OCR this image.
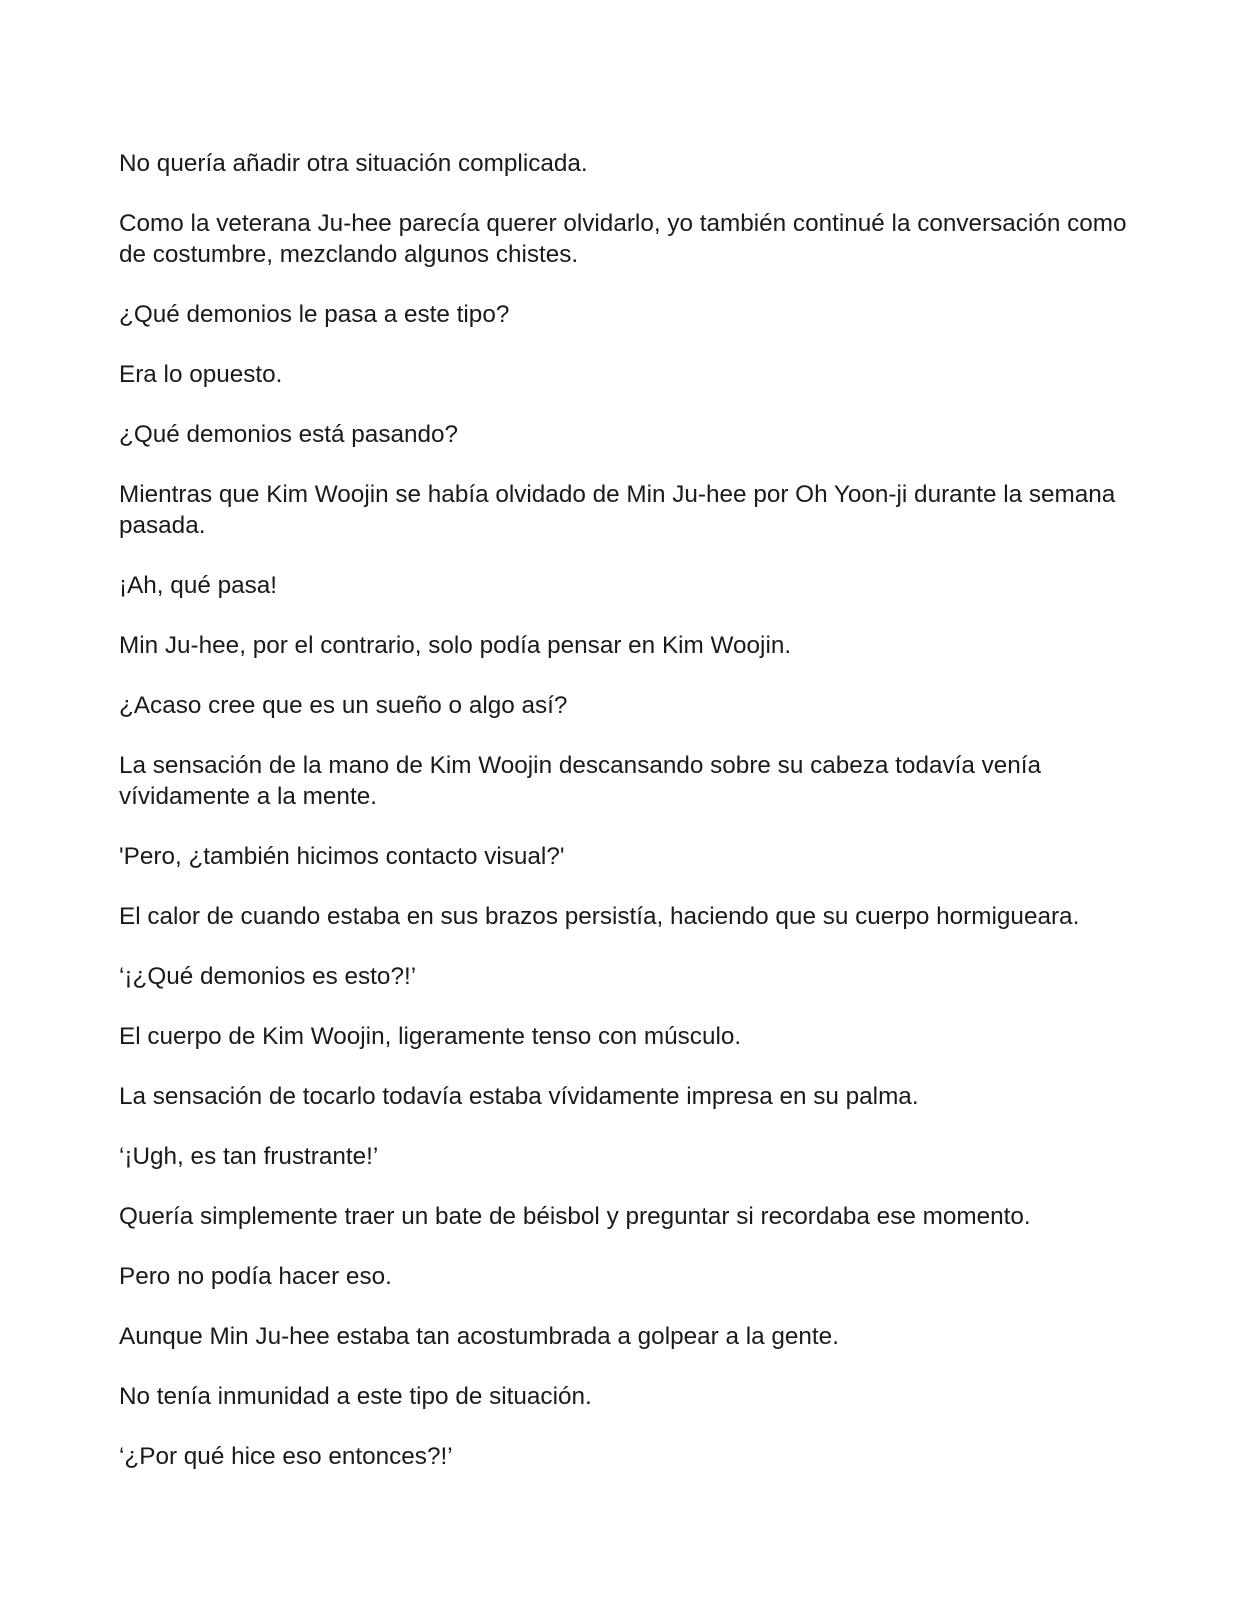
No quería añadir otra situación complicada.

Como la veterana Ju-hee parecía querer olvidarlo, yo también continué la conversación como de costumbre, mezclando algunos chistes.

¿Qué demonios le pasa a este tipo?

Era lo opuesto.

¿Qué demonios está pasando?

Mientras que Kim Woojin se había olvidado de Min Ju-hee por Oh Yoon-ji durante la semana pasada.

¡Ah, qué pasa!

Min Ju-hee, por el contrario, solo podía pensar en Kim Woojin.

¿Acaso cree que es un sueño o algo así?

La sensación de la mano de Kim Woojin descansando sobre su cabeza todavía venía vívidamente a la mente.

'Pero, ¿también hicimos contacto visual?'

El calor de cuando estaba en sus brazos persistía, haciendo que su cuerpo hormigueara.

‘¡¿Qué demonios es esto?!’

El cuerpo de Kim Woojin, ligeramente tenso con músculo.

La sensación de tocarlo todavía estaba vívidamente impresa en su palma.

‘¡Ugh, es tan frustrante!’

Quería simplemente traer un bate de béisbol y preguntar si recordaba ese momento.

Pero no podía hacer eso.

Aunque Min Ju-hee estaba tan acostumbrada a golpear a la gente.

No tenía inmunidad a este tipo de situación.

‘¿Por qué hice eso entonces?!’
